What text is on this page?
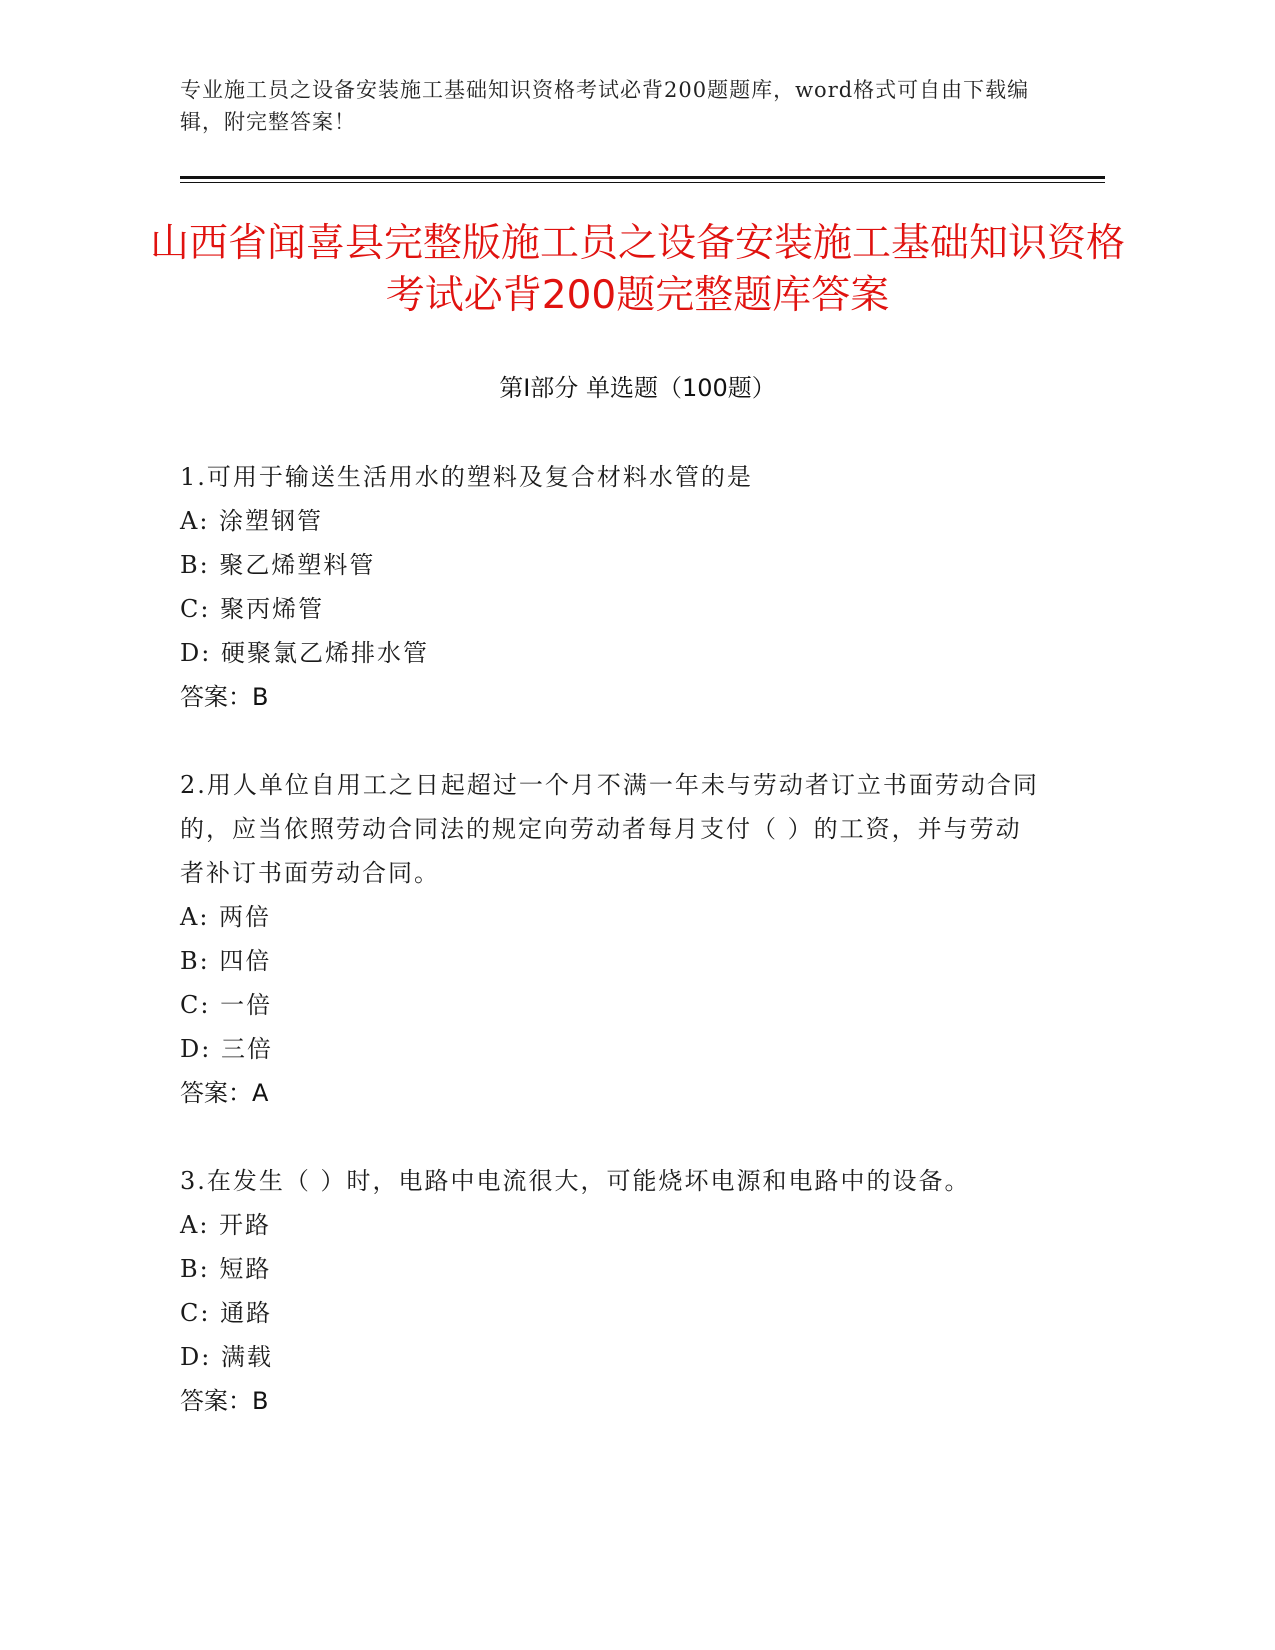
专业施工员之设备安装施工基础知识资格考试必背200题题库，word格式可自由下载编辑，附完整答案！
山西省闻喜县完整版施工员之设备安装施工基础知识资格考试必背200题完整题库答案
第I部分 单选题（100题）
1.可用于输送生活用水的塑料及复合材料水管的是
A: 涂塑钢管
B: 聚乙烯塑料管
C: 聚丙烯管
D: 硬聚氯乙烯排水管
答案：B
2.用人单位自用工之日起超过一个月不满一年未与劳动者订立书面劳动合同的，应当依照劳动合同法的规定向劳动者每月支付（ ）的工资，并与劳动者补订书面劳动合同。
A: 两倍
B: 四倍
C: 一倍
D: 三倍
答案：A
3.在发生（ ）时，电路中电流很大，可能烧坏电源和电路中的设备。
A: 开路
B: 短路
C: 通路
D: 满载
答案：B
